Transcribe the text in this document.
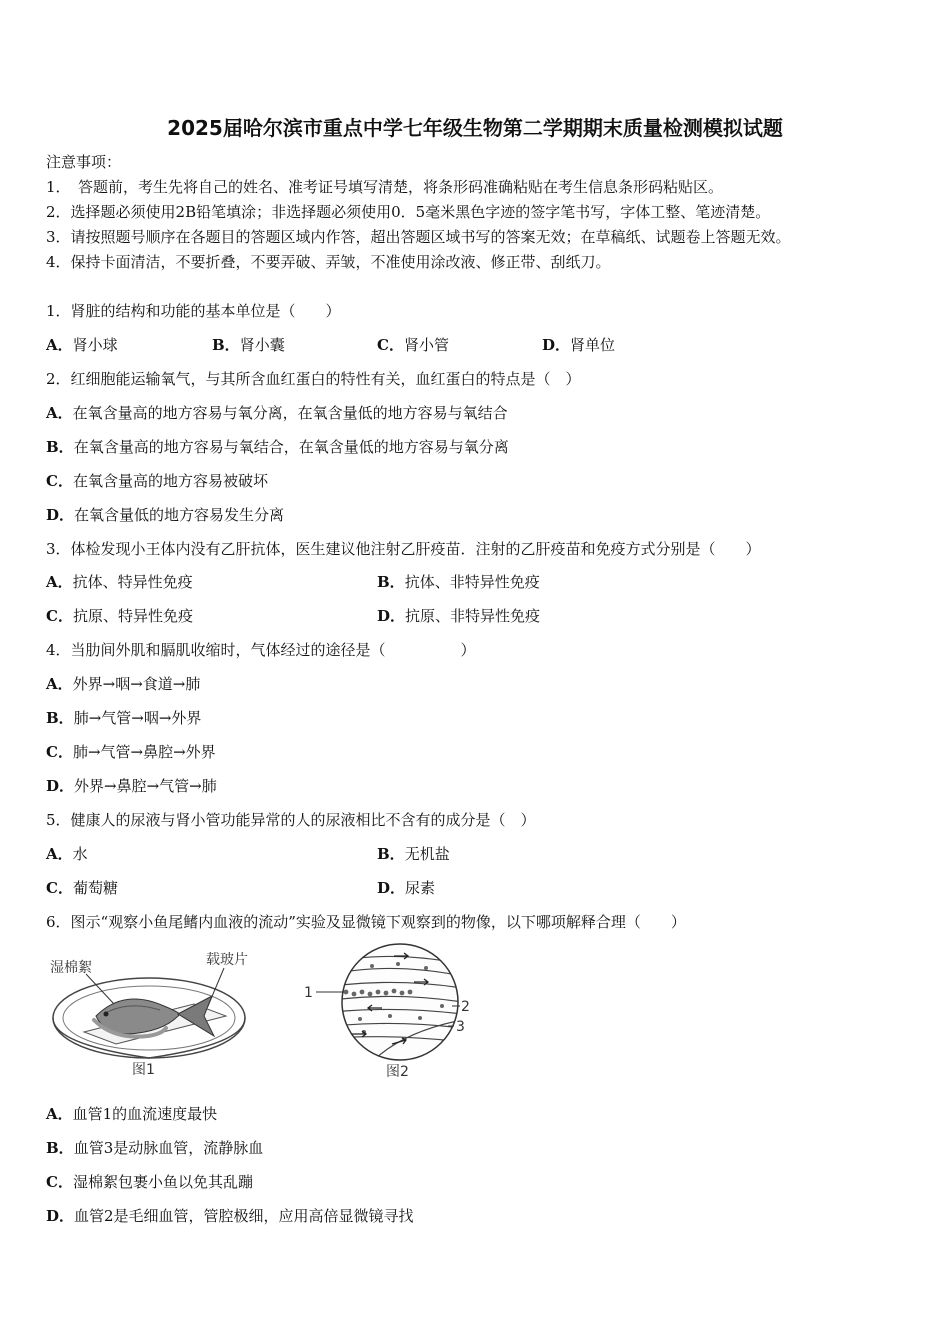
2025届哈尔滨市重点中学七年级生物第二学期期末质量检测模拟试题
注意事项：
1．　答题前，考生先将自己的姓名、准考证号填写清楚，将条形码准确粘贴在考生信息条形码粘贴区。
2．选择题必须使用2B铅笔填涂；非选择题必须使用0．5毫米黑色字迹的签字笔书写，字体工整、笔迹清楚。
3．请按照题号顺序在各题目的答题区域内作答，超出答题区域书写的答案无效；在草稿纸、试题卷上答题无效。
4．保持卡面清洁，不要折叠，不要弄破、弄皱，不准使用涂改液、修正带、刮纸刀。
1．肾脏的结构和功能的基本单位是（　　）
A．肾小球	B．肾小囊	C．肾小管	D．肾单位
2．红细胞能运输氧气，与其所含血红蛋白的特性有关，血红蛋白的特点是（　）
A．在氧含量高的地方容易与氧分离，在氧含量低的地方容易与氧结合
B．在氧含量高的地方容易与氧结合，在氧含量低的地方容易与氧分离
C．在氧含量高的地方容易被破坏
D．在氧含量低的地方容易发生分离
3．体检发现小王体内没有乙肝抗体，医生建议他注射乙肝疫苗．注射的乙肝疫苗和免疫方式分别是（　　）
A．抗体、特异性免疫	B．抗体、非特异性免疫
C．抗原、特异性免疫	D．抗原、非特异性免疫
4．当肋间外肌和膈肌收缩时，气体经过的途径是（　　　　　）
A．外界→咽→食道→肺
B．肺→气管→咽→外界
C．肺→气管→鼻腔→外界
D．外界→鼻腔→气管→肺
5．健康人的尿液与肾小管功能异常的人的尿液相比不含有的成分是（　）
A．水	B．无机盐
C．葡萄糖	D．尿素
6．图示“观察小鱼尾鳍内血液的流动”实验及显微镜下观察到的物像，以下哪项解释合理（　　）
湿棉絮	载玻片
图1
1
2
3
图2
A．血管1的血流速度最快
B．血管3是动脉血管，流静脉血
C．湿棉絮包裹小鱼以免其乱蹦
D．血管2是毛细血管，管腔极细，应用高倍显微镜寻找
